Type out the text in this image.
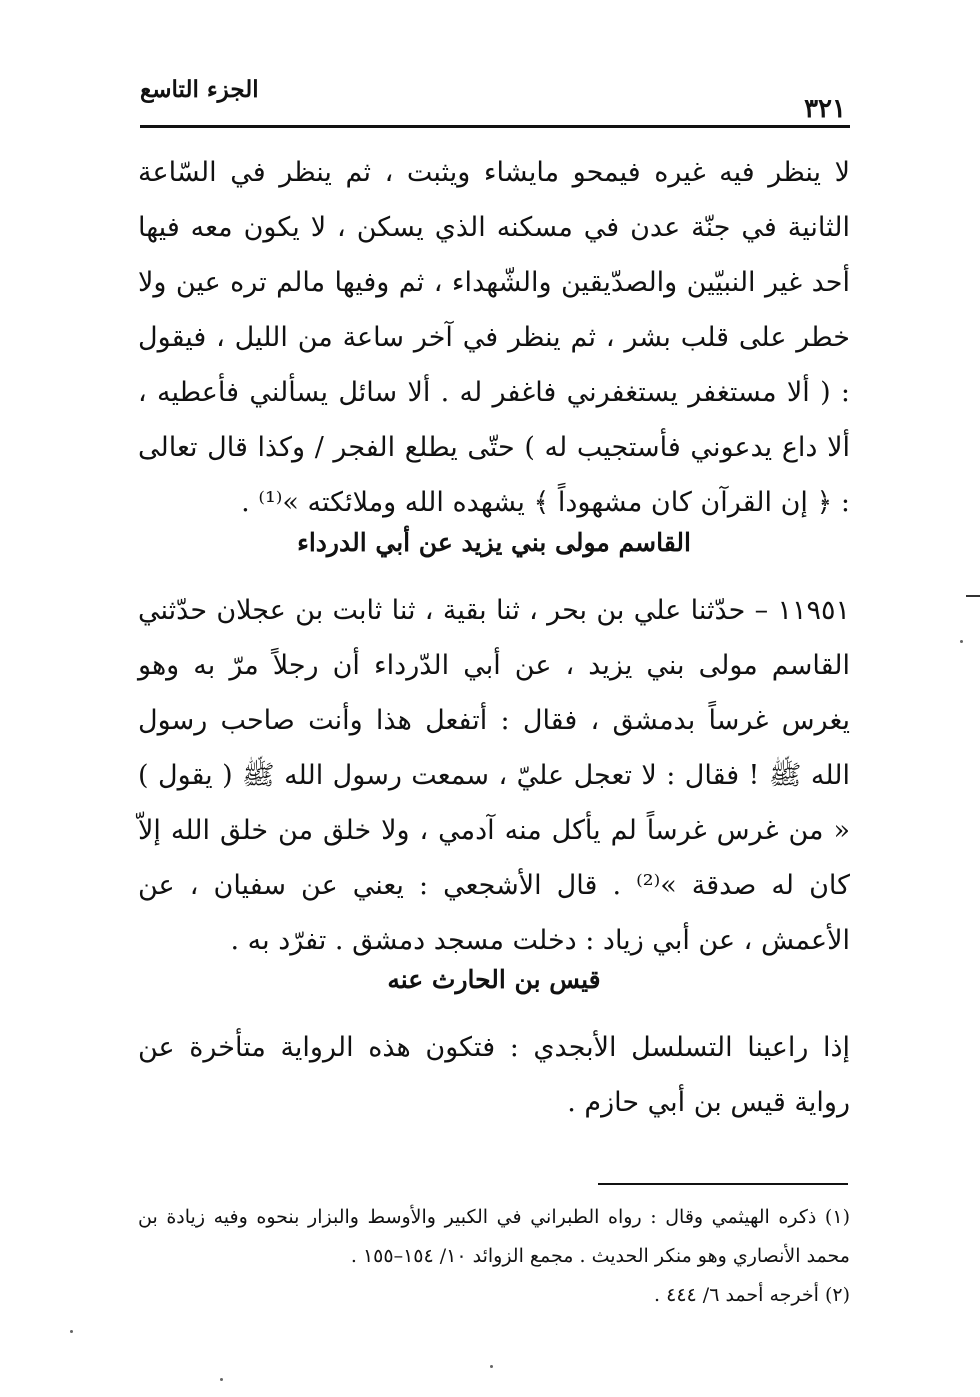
الجزء التاسع
٣٢١
لا ينظر فيه غيره فيمحو مايشاء ويثبت ، ثم ينظر في السّاعة الثانية في جنّة عدن في مسكنه الذي يسكن ، لا يكون معه فيها أحد غير النبيّين والصدّيقين والشّهداء ، ثم وفيها مالم تره عين ولا خطر على قلب بشر ، ثم ينظر في آخر ساعة من الليل ، فيقول : ( ألا مستغفر يستغفرني فاغفر له . ألا سائل يسألني فأعطيه ، ألا داع يدعوني فأستجيب له ) حتّى يطلع الفجر / وكذا قال تعالى : ﴿ إن القرآن كان مشهوداً ﴾ يشهده الله وملائكته »⁽¹⁾ .
القاسم مولى بني يزيد عن أبي الدرداء
١١٩٥١ – حدّثنا علي بن بحر ، ثنا بقية ، ثنا ثابت بن عجلان حدّثني القاسم مولى بني يزيد ، عن أبي الدّرداء أن رجلاً مرّ به وهو يغرس غرساً بدمشق ، فقال : أتفعل هذا وأنت صاحب رسول الله ﷺ ! فقال : لا تعجل عليّ ، سمعت رسول الله ﷺ ( يقول ) « من غرس غرساً لم يأكل منه آدمي ، ولا خلق من خلق الله إلاّ كان له صدقة »⁽²⁾ . قال الأشجعي : يعني عن سفيان ، عن الأعمش ، عن أبي زياد : دخلت مسجد دمشق . تفرّد به .
قيس بن الحارث عنه
إذا راعينا التسلسل الأبجدي : فتكون هذه الرواية متأخرة عن رواية قيس بن أبي حازم .
(١) ذكره الهيثمي وقال : رواه الطبراني في الكبير والأوسط والبزار بنحوه وفيه زيادة بن محمد الأنصاري وهو منكر الحديث . مجمع الزوائد ١٠/ ١٥٤–١٥٥ .
(٢) أخرجه أحمد ٦/ ٤٤٤ .
